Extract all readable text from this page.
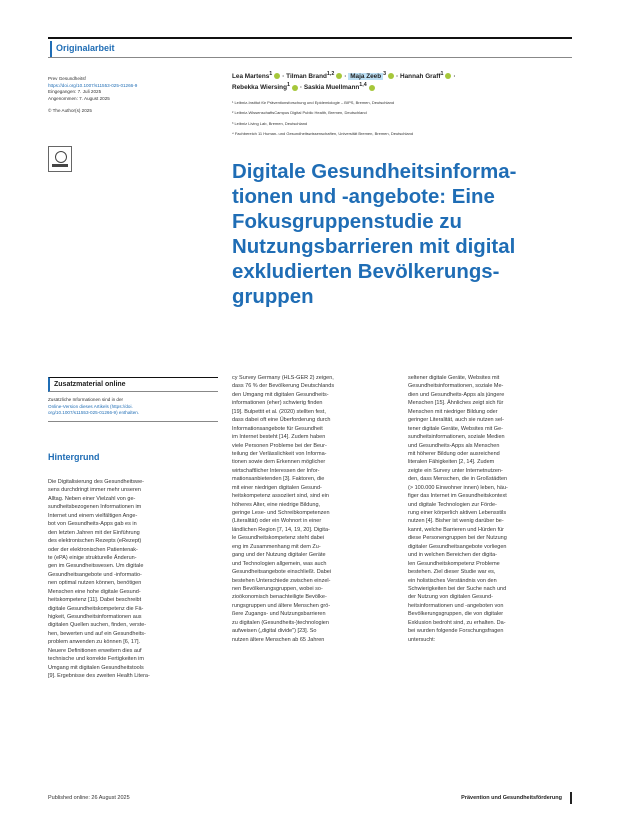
Originalarbeit
Prev Gesundheitsf
https://doi.org/10.1007/s11553-025-01266-9
Eingegangen: 7. Juli 2025
Angenommen: 7. August 2025
© The Author(s) 2025
Lea Martens$^1$ · Tilman Brand$^{1,2}$ · Maja Zeeb $^3$ · Hannah Graff$^1$ ·
Rebekka Wiersing$^1$ · Saskia Muellmann$^{1,4}$
¹ Leibniz-Institut für Präventionsforschung und Epidemiologie – BIPS, Bremen, Deutschland
² Leibniz-WissenschaftsCampus Digital Public Health, Bremen, Deutschland
³ Leibniz Living Lab, Bremen, Deutschland
⁴ Fachbereich 11 Human- und Gesundheitswissenschaften, Universität Bremen, Bremen, Deutschland
Digitale Gesundheitsinforma-
tionen und -angebote: Eine
Fokusgruppenstudie zu
Nutzungsbarrieren mit digital
exkludierten Bevölkerungs-
gruppen
Zusatzmaterial online
Zusätzliche Informationen sind in der
Online-Version dieses Artikels (https://doi.
org/10.1007/s11553-025-01266-9) enthalten.
Hintergrund
Die Digitalisierung des Gesundheitswe-
sens durchdringt immer mehr unseren
Alltag. Neben einer Vielzahl von ge-
sundheitsbezogenen Informationen im
Internet und einem vielfältigen Ange-
bot von Gesundheits-Apps gab es in
den letzten Jahren mit der Einführung
des elektronischen Rezepts (eRezept)
oder der elektronischen Patientenak-
te (ePA) einige strukturelle Änderun-
gen im Gesundheitswesen. Um digitale
Gesundheitsangebote und -informatio-
nen optimal nutzen können, benötigen
Menschen eine hohe digitale Gesund-
heitskompetenz [11]. Dabei beschreibt
digitale Gesundheitskompetenz die Fä-
higkeit, Gesundheitsinformationen aus
digitalen Quellen suchen, finden, verste-
hen, bewerten und auf ein Gesundheits-
problem anwenden zu können [6, 17].
Neuere Definitionen erweitern dies auf
technische und korrekte Fertigkeiten im
Umgang mit digitalen Gesundheitstools
[9]. Ergebnisse des zweiten Health Litera-
cy Survey Germany (HLS-GER 2) zeigen,
dass 76 % der Bevölkerung Deutschlands
den Umgang mit digitalen Gesundheits-
informationen (eher) schwierig finden
[19]. Bulpettit et al. (2020) stellten fest,
dass dabei oft eine Überforderung durch
Informationsangebote für Gesundheit
im Internet besteht [14]. Zudem haben
viele Personen Probleme bei der Beur-
teilung der Verlässlichkeit von Informa-
tionen sowie dem Erkennen möglicher
wirtschaftlicher Interessen der Infor-
mationsanbietenden [3]. Faktoren, die
mit einer niedrigen digitalen Gesund-
heitskompetenz assoziiert sind, sind ein
höheres Alter, eine niedrige Bildung,
geringe Lese- und Schreibkompetenzen
(Literalität) oder ein Wohnort in einer
ländlichen Region [7, 14, 19, 20]. Digita-
le Gesundheitskompetenz steht dabei
eng im Zusammenhang mit dem Zu-
gang und der Nutzung digitaler Geräte
und Technologien allgemein, was auch
Gesundheitsangebote einschließt. Dabei
bestehen Unterschiede zwischen einzel-
nen Bevölkerungsgruppen, wobei so-
zioökonomisch benachteiligte Bevölke-
rungsgruppen und ältere Menschen grö-
ßere Zugangs- und Nutzungsbarrieren
zu digitalen (Gesundheits-)technologien
aufweisen („digital divide") [23]. So
nutzen ältere Menschen ab 65 Jahren
seltener digitale Geräte, Websites mit
Gesundheitsinformationen, soziale Me-
dien und Gesundheits-Apps als jüngere
Menschen [15]. Ähnliches zeigt sich für
Menschen mit niedriger Bildung oder
geringer Literalität, auch sie nutzen sel-
tener digitale Geräte, Websites mit Ge-
sundheitsinformationen, soziale Medien
und Gesundheits-Apps als Menschen
mit höherer Bildung oder ausreichend
literalen Fähigkeiten [2, 14]. Zudem
zeigte ein Survey unter Internetnutzen-
den, dass Menschen, die in Großstädten
(> 100.000 Einwohner innen) leben, häu-
figer das Internet im Gesundheitskontext
und digitale Technologien zur Förde-
rung einer körperlich aktiven Lebensstils
nutzen [4]. Bisher ist wenig darüber be-
kannt, welche Barrieren und Hürden für
diese Personengruppen bei der Nutzung
digitaler Gesundheitsangebote vorliegen
und in welchen Bereichen der digita-
len Gesundheitskompetenz Probleme
bestehen. Ziel dieser Studie war es,
ein holistisches Verständnis von den
Schwierigkeiten bei der Suche nach und
der Nutzung von digitalen Gesund-
heitsinformationen und -angeboten von
Bevölkerungsgruppen, die von digitaler
Exklusion bedroht sind, zu erhalten. Da-
bei wurden folgende Forschungsfragen
untersucht:
Published online: 26 August 2025	Prävention und Gesundheitsförderung
